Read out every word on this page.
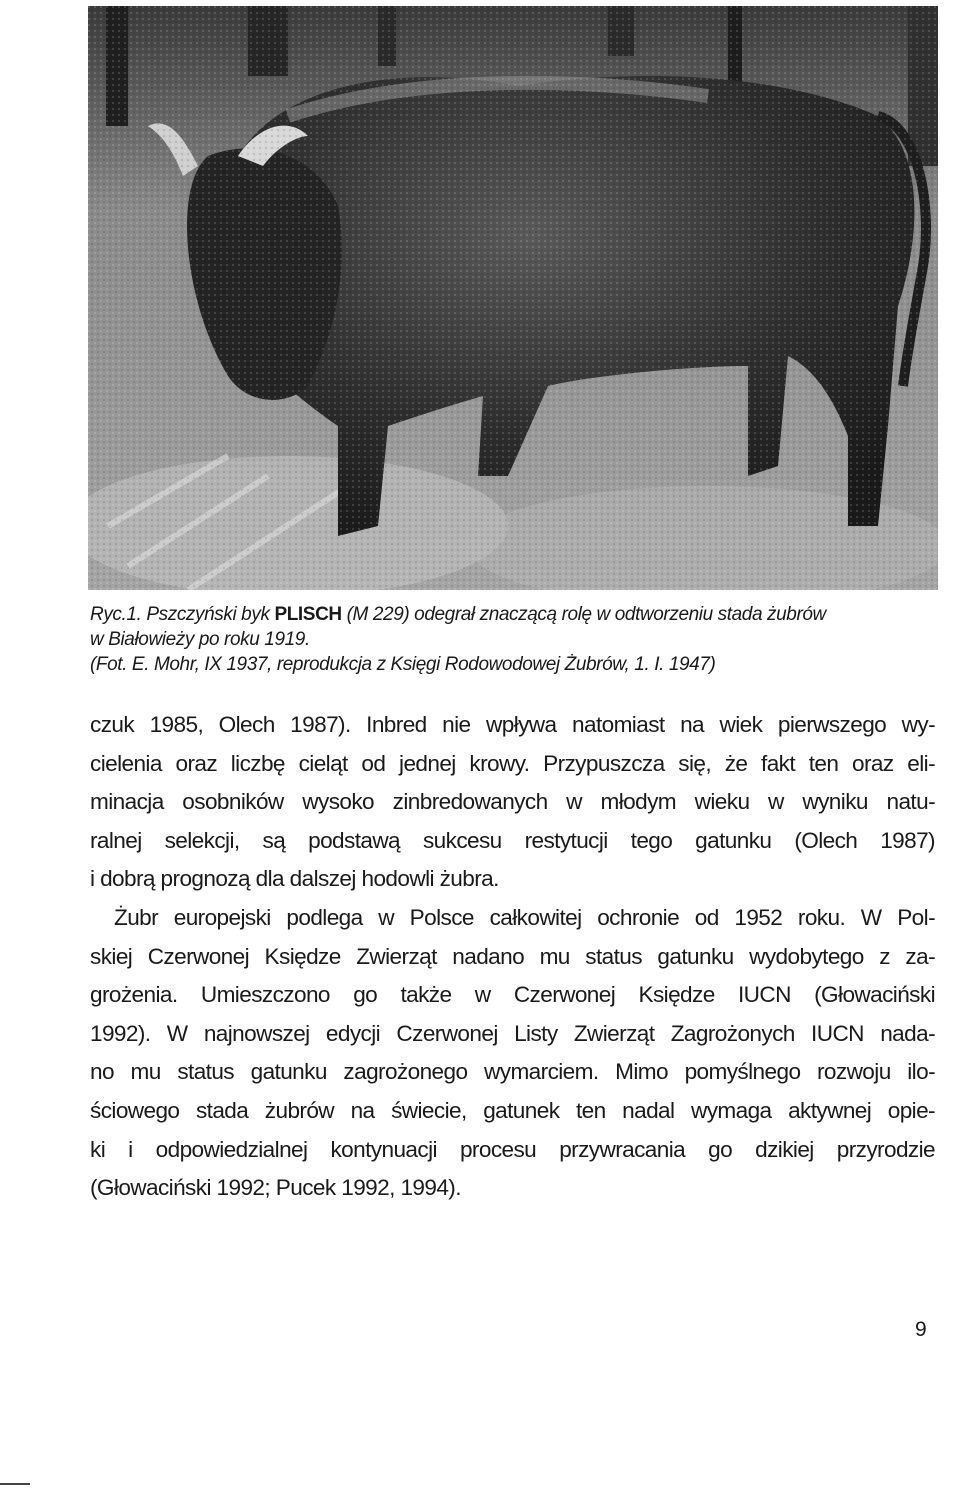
Ryc.1. Pszczyński byk PLISCH (M 229) odegrał znaczącą rolę w odtworzeniu stada żubrów
w Białowieży po roku 1919.
(Fot. E. Mohr, IX 1937, reprodukcja z Księgi Rodowodowej Żubrów, 1. I. 1947)
czuk 1985, Olech 1987). Inbred nie wpływa natomiast na wiek pierwszego wy-
cielenia oraz liczbę cieląt od jednej krowy. Przypuszcza się, że fakt ten oraz eli-
minacja osobników wysoko zinbredowanych w młodym wieku w wyniku natu-
ralnej selekcji, są podstawą sukcesu restytucji tego gatunku (Olech 1987)
i dobrą prognozą dla dalszej hodowli żubra.
Żubr europejski podlega w Polsce całkowitej ochronie od 1952 roku. W Pol-
skiej Czerwonej Księdze Zwierząt nadano mu status gatunku wydobytego z za-
grożenia. Umieszczono go także w Czerwonej Księdze IUCN (Głowaciński
1992). W najnowszej edycji Czerwonej Listy Zwierząt Zagrożonych IUCN nada-
no mu status gatunku zagrożonego wymarciem. Mimo pomyślnego rozwoju ilo-
ściowego stada żubrów na świecie, gatunek ten nadal wymaga aktywnej opie-
ki i odpowiedzialnej kontynuacji procesu przywracania go dzikiej przyrodzie
(Głowaciński 1992; Pucek 1992, 1994).
9
